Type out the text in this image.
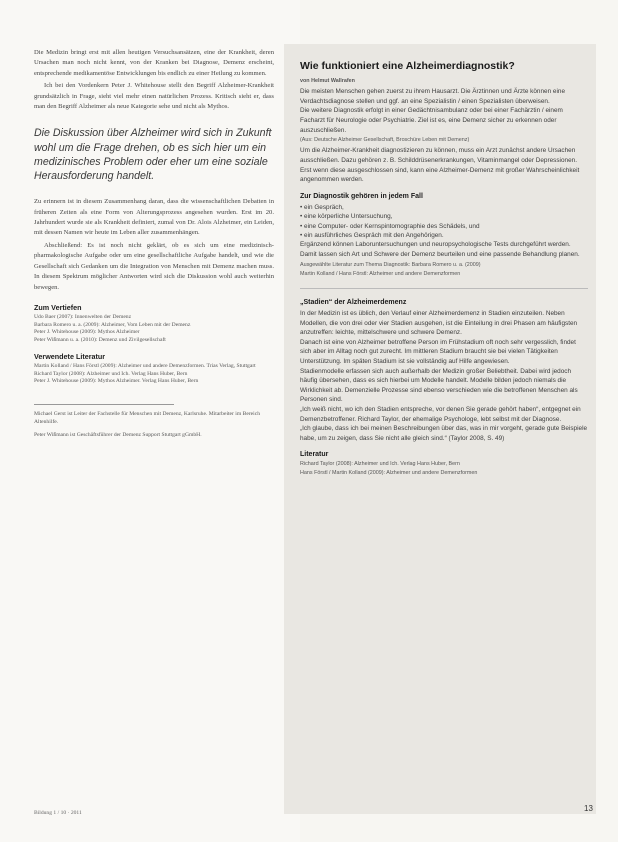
Die Medizin bringt erst mit allen heutigen Versuchsansätzen, eine der Krankheit, deren Ursachen man noch nicht kennt, von der Kranken bei Diagnose, Demenz erscheint, entsprechende medikamentöse Entwicklungen bis endlich zu einer Heilung zu kommen.

Ich bei den Vordenkern Peter J. Whitehouse stellt den Begriff Alzheimer-Krankheit grundsätzlich in Frage, sieht viel mehr einen natürlichen Prozess. Kritisch sieht er, dass man den Begriff Alzheimer als neue Kategorie sehe und nicht als Mythos.

Die Diskussion über Alzheimer wird sich in Zukunft wohl um die Frage drehen, ob es sich hier um ein medizinisches Problem oder eher um eine soziale Herausforderung handelt.

Zu erinnern ist in diesem Zusammenhang daran, dass die wissenschaftlichen Debatten in früheren Zeiten als eine Form von Alterungsprozess angesehen wurden. Erst im 20. Jahrhundert wurde sie als Krankheit definiert, zumal von Dr. Alois Alzheimer, ein Leiden, mit dessen Namen wir heute im Leben aller zusammenhängen.

Abschließend: Es ist noch nicht geklärt, ob es sich um eine medizinisch-pharmakologische Aufgabe oder um eine gesellschaftliche Aufgabe handelt, und wie die Gesellschaft sich Gedanken um die Integration von Menschen mit Demenz machen muss. In diesem Spektrum möglicher Antworten wird sich die Diskussion wohl auch weiterhin bewegen.

Zum Vertiefen

Udo Baer (2007): Innenwelten der Demenz

Barbara Romero u. a. (2009): Alzheimer, Vom Leben mit der Demenz

Peter J. Whitehouse (2009): Mythos Alzheimer

Peter Wißmann u. a. (2010): Demenz und Zivilgesellschaft

Verwendete Literatur

Martin Kolland / Hans Förstl (2009): Alzheimer und andere Demenzformen. Trias Verlag, Stuttgart

Richard Taylor (2008): Alzheimer und Ich. Verlag Hans Huber, Bern

Peter J. Whitehouse (2009): Mythos Alzheimer. Verlag Hans Huber, Bern

Michael Gerst ist Leiter der Fachstelle für Menschen mit Demenz, Karlsruhe. Mitarbeiter im Bereich Altenhilfe.

Peter Wißmann ist Geschäftsführer der Demenz Support Stuttgart gGmbH.

Bildung 1 / 10 · 2011

Wie funktioniert eine Alzheimerdiagnostik?

von Helmut Wallrafen

Die meisten Menschen gehen zuerst zu ihrem Hausarzt. Die Ärztinnen und Ärzte können eine Verdachtsdiagnose stellen und ggf. an eine Spezialistin / einen Spezialisten überweisen.

Die weitere Diagnostik erfolgt in einer Gedächtnisambulanz oder bei einer Fachärztin / einem Facharzt für Neurologie oder Psychiatrie. Ziel ist es, eine Demenz sicher zu erkennen oder auszuschließen.

(Aus: Deutsche Alzheimer Gesellschaft, Broschüre Leben mit Demenz)

Um die Alzheimer-Krankheit diagnostizieren zu können, muss ein Arzt zunächst andere Ursachen ausschließen. Dazu gehören z. B. Schilddrüsenerkrankungen, Vitaminmangel oder Depressionen. Erst wenn diese ausgeschlossen sind, kann eine Alzheimer-Demenz mit großer Wahrscheinlichkeit angenommen werden.

Zur Diagnostik gehören in jedem Fall

• ein Gespräch,
• eine körperliche Untersuchung,
• eine Computer- oder Kernspintomographie des Schädels, und
• ein ausführliches Gespräch mit den Angehörigen.

Ergänzend können Laboruntersuchungen und neuropsychologische Tests durchgeführt werden. Damit lassen sich Art und Schwere der Demenz beurteilen und eine passende Behandlung planen.

Ausgewählte Literatur zum Thema Diagnostik: Barbara Romero u. a. (2009)

Martin Kolland / Hans Förstl: Alzheimer und andere Demenzformen

„Stadien“ der Alzheimerdemenz

In der Medizin ist es üblich, den Verlauf einer Alzheimerdemenz in Stadien einzuteilen. Neben Modellen, die von drei oder vier Stadien ausgehen, ist die Einteilung in drei Phasen am häufigsten anzutreffen: leichte, mittelschwere und schwere Demenz.

Danach ist eine von Alzheimer betroffene Person im Frühstadium oft noch sehr vergesslich, findet sich aber im Alltag noch gut zurecht. Im mittleren Stadium braucht sie bei vielen Tätigkeiten Unterstützung. Im späten Stadium ist sie vollständig auf Hilfe angewiesen.

Stadienmodelle erfassen sich auch außerhalb der Medizin großer Beliebtheit. Dabei wird jedoch häufig übersehen, dass es sich hierbei um Modelle handelt. Modelle bilden jedoch niemals die Wirklichkeit ab. Demenzielle Prozesse sind ebenso verschieden wie die betroffenen Menschen als Personen sind.

„Ich weiß nicht, wo ich den Stadien entspreche, vor denen Sie gerade gehört haben“, entgegnet ein Demenzbetroffener. Richard Taylor, der ehemalige Psychologe, lebt selbst mit der Diagnose.

„Ich glaube, dass ich bei meinen Beschreibungen über das, was in mir vorgeht, gerade gute Beispiele habe, um zu zeigen, dass Sie nicht alle gleich sind.“ (Taylor 2008, S. 49)

Literatur

Richard Taylor (2008): Alzheimer und Ich. Verlag Hans Huber, Bern

Hans Förstl / Martin Kolland (2009): Alzheimer und andere Demenzformen

13
